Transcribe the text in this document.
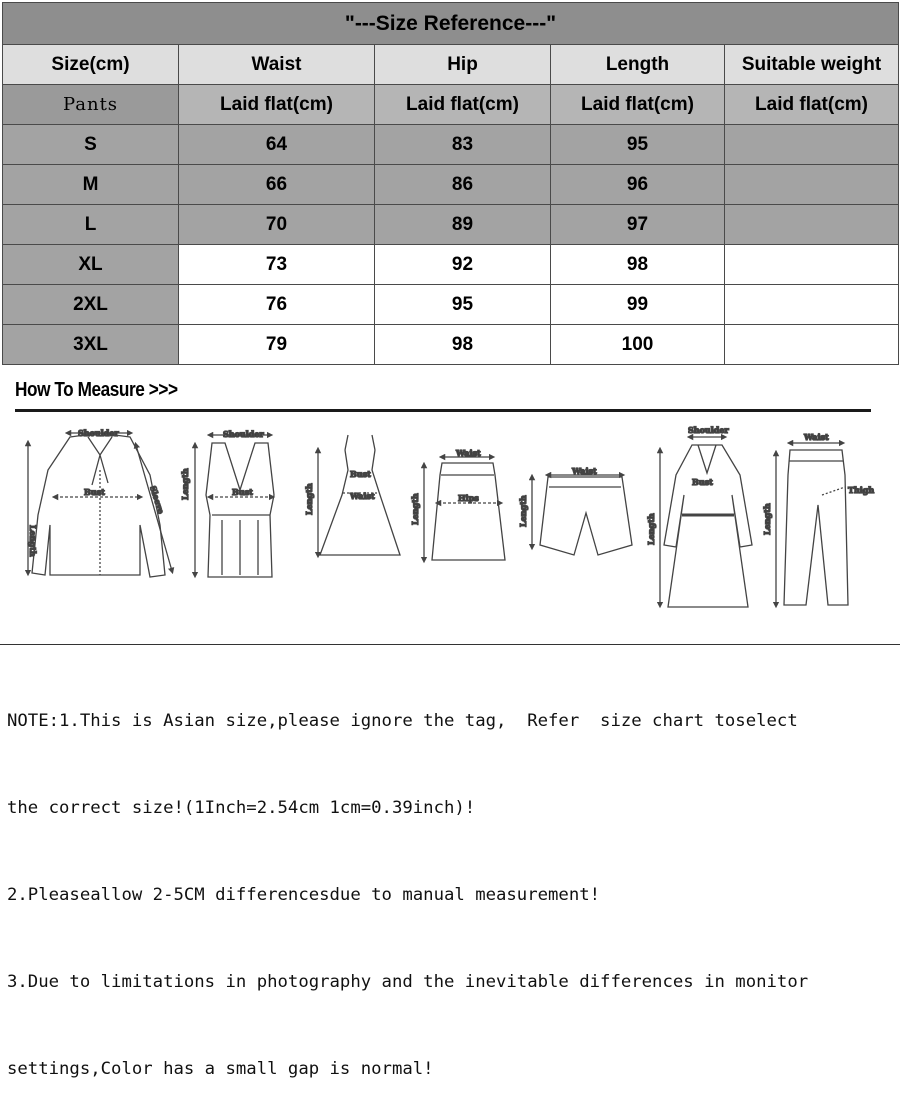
"---Size Reference---"				
Size(cm)	Waist	Hip	Length	Suitable weight
Pants	Laid flat(cm)	Laid flat(cm)	Laid flat(cm)	Laid flat(cm)
S	64	83	95	
M	66	86	96	
L	70	89	97	
XL	73	92	98	
2XL	76	95	99	
3XL	79	98	100	
How To Measure >>>
Shoulder
Length
Bust	Sleeve
Shoulder
Length	Bust	Length
Bust
Waist
Waist
Hips
Length
Waist
Length
Shoulder
Bust
Length
Waist
Thigh
Length

NOTE:1.This is Asian size,please ignore the tag,  Refer  size chart toselect

the correct size!(1Inch=2.54cm 1cm=0.39inch)!

2.Pleaseallow 2-5CM differencesdue to manual measurement!

3.Due to limitations in photography and the inevitable differences in monitor

settings,Color has a small gap is normal!
